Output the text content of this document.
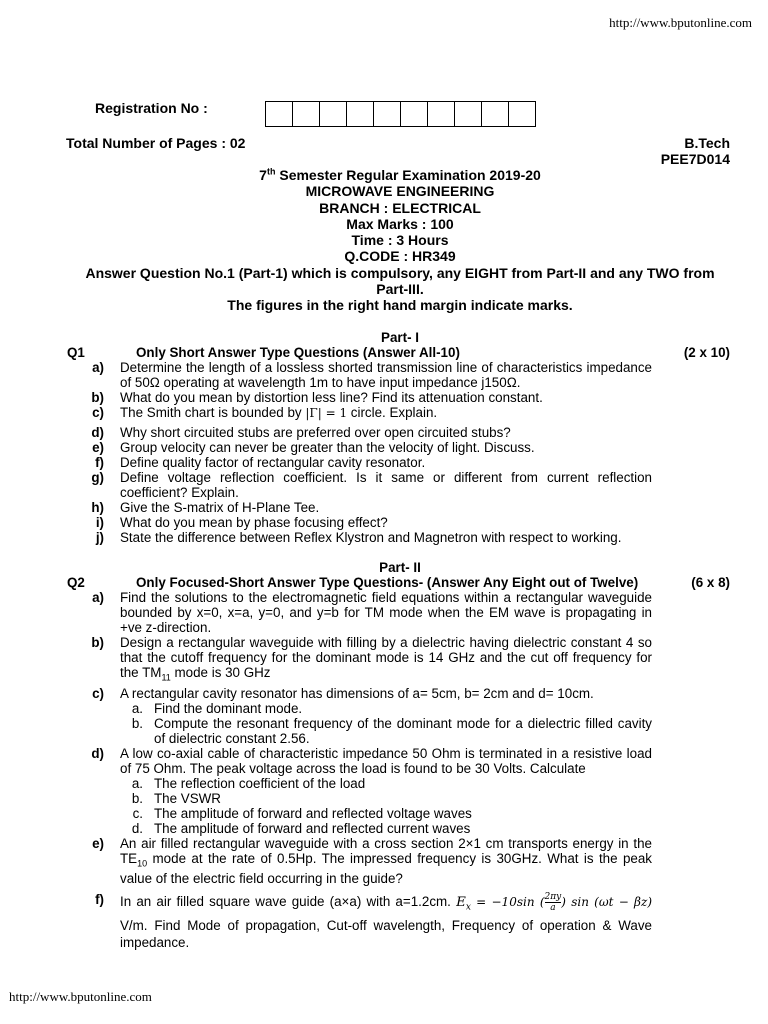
http://www.bputonline.com
Registration No :
Total Number of Pages : 02	B.Tech
PEE7D014
7th Semester Regular Examination 2019-20
MICROWAVE ENGINEERING
BRANCH : ELECTRICAL
Max Marks : 100
Time : 3 Hours
Q.CODE : HR349
Answer Question No.1 (Part-1) which is compulsory, any EIGHT from Part-II and any TWO from Part-III.
The figures in the right hand margin indicate marks.
Part- I
Q1	Only Short Answer Type Questions (Answer All-10)	(2 x 10)
a)	Determine the length of a lossless shorted transmission line of characteristics impedance of 50Ω operating at wavelength 1m to have input impedance j150Ω.
b)	What do you mean by distortion less line? Find its attenuation constant.
c)	The Smith chart is bounded by |Γ| = 1 circle. Explain.
d)	Why short circuited stubs are preferred over open circuited stubs?
e)	Group velocity can never be greater than the velocity of light. Discuss.
f)	Define quality factor of rectangular cavity resonator.
g)	Define voltage reflection coefficient. Is it same or different from current reflection coefficient? Explain.
h)	Give the S-matrix of H-Plane Tee.
i)	What do you mean by phase focusing effect?
j)	State the difference between Reflex Klystron and Magnetron with respect to working.
Part- II
Q2	Only Focused-Short Answer Type Questions- (Answer Any Eight out of Twelve)	(6 x 8)
a)	Find the solutions to the electromagnetic field equations within a rectangular waveguide bounded by x=0, x=a, y=0, and y=b for TM mode when the EM wave is propagating in +ve z-direction.
b)	Design a rectangular waveguide with filling by a dielectric having dielectric constant 4 so that the cutoff frequency for the dominant mode is 14 GHz and the cut off frequency for the $TM_{11}$ mode is 30 GHz
c)	A rectangular cavity resonator has dimensions of a= 5cm, b= 2cm and d= 10cm.
a. Find the dominant mode.
b. Compute the resonant frequency of the dominant mode for a dielectric filled cavity of dielectric constant 2.56.
d)	A low co-axial cable of characteristic impedance 50 Ohm is terminated in a resistive load of 75 Ohm. The peak voltage across the load is found to be 30 Volts. Calculate
a. The reflection coefficient of the load
b. The VSWR
c. The amplitude of forward and reflected voltage waves
d. The amplitude of forward and reflected current waves
e)	An air filled rectangular waveguide with a cross section 2×1 cm transports energy in the $TE_{10}$ mode at the rate of 0.5Hp. The impressed frequency is 30GHz. What is the peak value of the electric field occurring in the guide?
f)	In an air filled square wave guide (a×a) with a=1.2cm. $E_x = -10\sin$ ( $\frac{2\pi y}{a}$ ) sin (ωt − βz) V/m. Find Mode of propagation, Cut-off wavelength, Frequency of operation & Wave impedance.
http://www.bputonline.com
